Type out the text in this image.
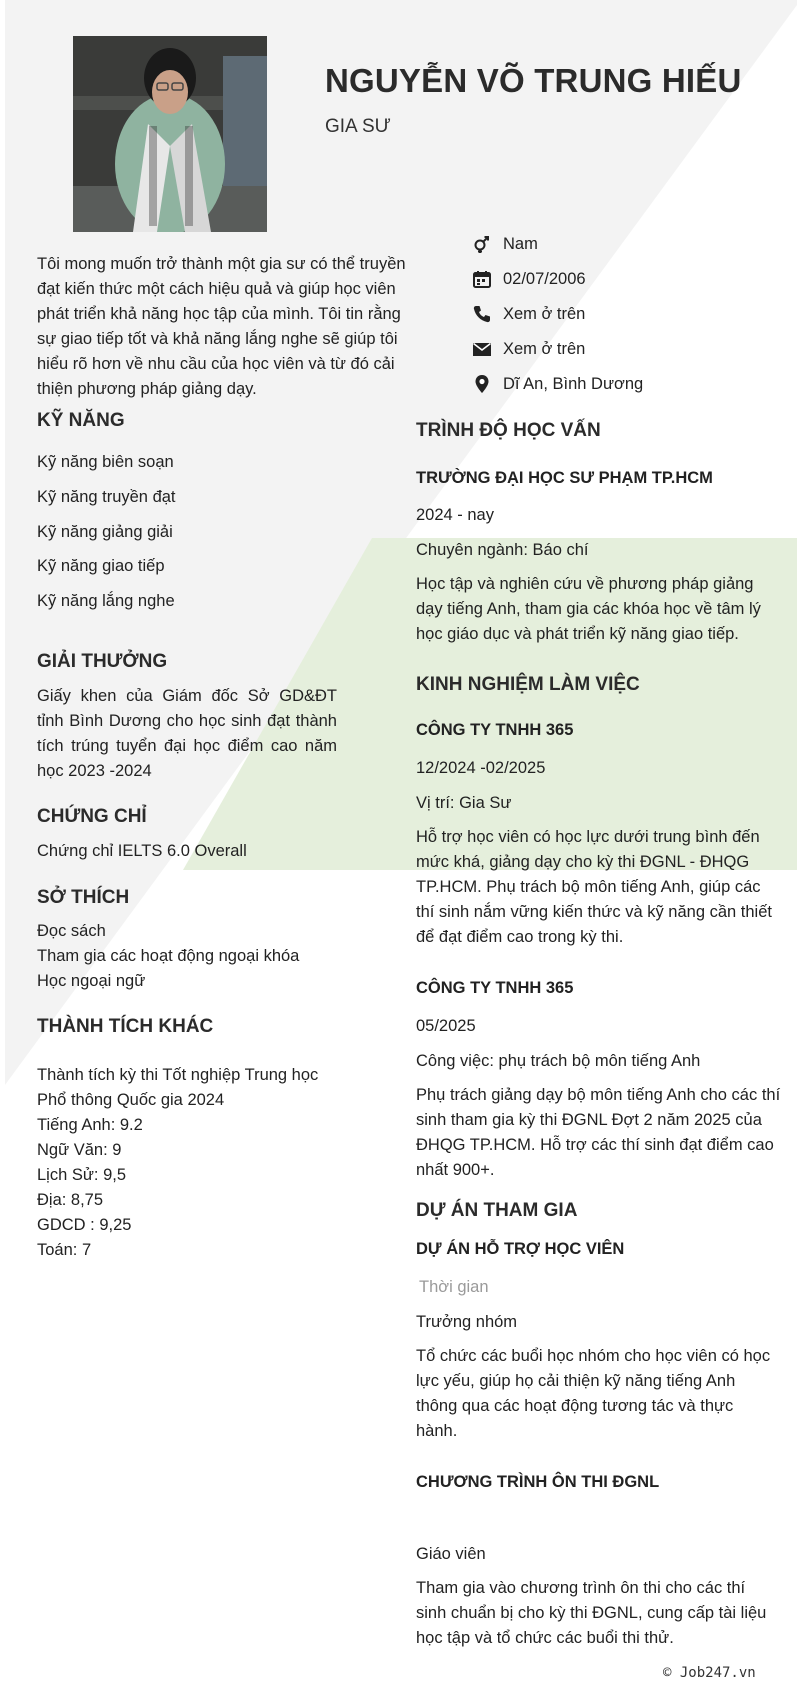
NGUYỄN VÕ TRUNG HIẾU
GIA SƯ
Tôi mong muốn trở thành một gia sư có thể truyền đạt kiến thức một cách hiệu quả và giúp học viên phát triển khả năng học tập của mình. Tôi tin rằng sự giao tiếp tốt và khả năng lắng nghe sẽ giúp tôi hiểu rõ hơn về nhu cầu của học viên và từ đó cải thiện phương pháp giảng dạy.
Nam
02/07/2006
Xem ở trên
Xem ở trên
Dĩ An, Bình Dương
KỸ NĂNG
Kỹ năng biên soạn
Kỹ năng truyền đạt
Kỹ năng giảng giải
Kỹ năng giao tiếp
Kỹ năng lắng nghe
GIẢI THƯỞNG
Giấy khen của Giám đốc Sở GD&ĐT tỉnh Bình Dương cho học sinh đạt thành tích trúng tuyển đại học điểm cao năm học 2023 -2024
CHỨNG CHỈ
Chứng chỉ IELTS 6.0 Overall
SỞ THÍCH
Đọc sách
Tham gia các hoạt động ngoại khóa
Học ngoại ngữ
THÀNH TÍCH KHÁC
Thành tích kỳ thi Tốt nghiệp Trung học
Phổ thông Quốc gia 2024
Tiếng Anh: 9.2
Ngữ Văn: 9
Lịch Sử: 9,5
Địa: 8,75
GDCD : 9,25
Toán: 7
TRÌNH ĐỘ HỌC VẤN
TRƯỜNG ĐẠI HỌC SƯ PHẠM TP.HCM
2024 - nay
Chuyên ngành: Báo chí
Học tập và nghiên cứu về phương pháp giảng dạy tiếng Anh, tham gia các khóa học về tâm lý học giáo dục và phát triển kỹ năng giao tiếp.
KINH NGHIỆM LÀM VIỆC
CÔNG TY TNHH 365
12/2024 -02/2025
Vị trí: Gia Sư
Hỗ trợ học viên có học lực dưới trung bình đến mức khá, giảng dạy cho kỳ thi ĐGNL - ĐHQG TP.HCM. Phụ trách bộ môn tiếng Anh, giúp các thí sinh nắm vững kiến thức và kỹ năng cần thiết để đạt điểm cao trong kỳ thi.
CÔNG TY TNHH 365
05/2025
Công việc: phụ trách bộ môn tiếng Anh
Phụ trách giảng dạy bộ môn tiếng Anh cho các thí sinh tham gia kỳ thi ĐGNL Đợt 2 năm 2025 của ĐHQG TP.HCM. Hỗ trợ các thí sinh đạt điểm cao nhất 900+.
DỰ ÁN THAM GIA
DỰ ÁN HỖ TRỢ HỌC VIÊN
Thời gian
Trưởng nhóm
Tổ chức các buổi học nhóm cho học viên có học lực yếu, giúp họ cải thiện kỹ năng tiếng Anh thông qua các hoạt động tương tác và thực hành.
CHƯƠNG TRÌNH ÔN THI ĐGNL
Giáo viên
Tham gia vào chương trình ôn thi cho các thí sinh chuẩn bị cho kỳ thi ĐGNL, cung cấp tài liệu học tập và tổ chức các buổi thi thử.
© Job247.vn
